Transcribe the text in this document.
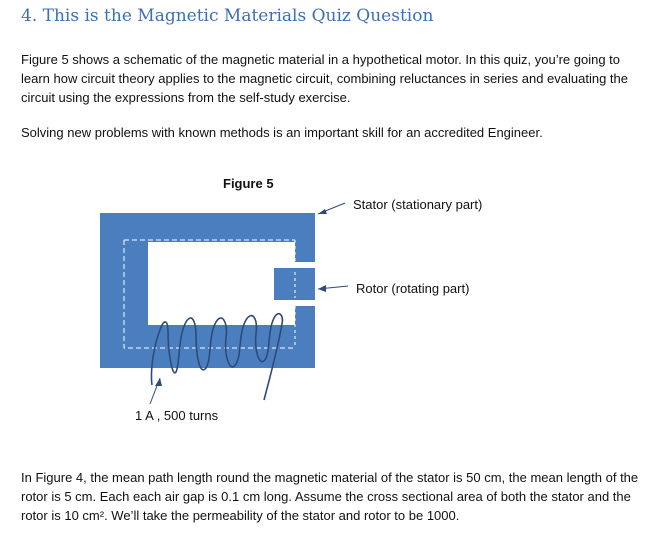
4. This is the Magnetic Materials Quiz Question
Figure 5 shows a schematic of the magnetic material in a hypothetical motor. In this quiz, you’re going to learn how circuit theory applies to the magnetic circuit, combining reluctances in series and evaluating the circuit using the expressions from the self-study exercise.
Solving new problems with known methods is an important skill for an accredited Engineer.
Figure 5
Stator (stationary part)
Rotor (rotating part)
1 A , 500 turns
In Figure 4, the mean path length round the magnetic material of the stator is 50 cm, the mean length of the rotor is 5 cm. Each each air gap is 0.1 cm long. Assume the cross sectional area of both the stator and the rotor is 10 cm². We’ll take the permeability of the stator and rotor to be 1000.
